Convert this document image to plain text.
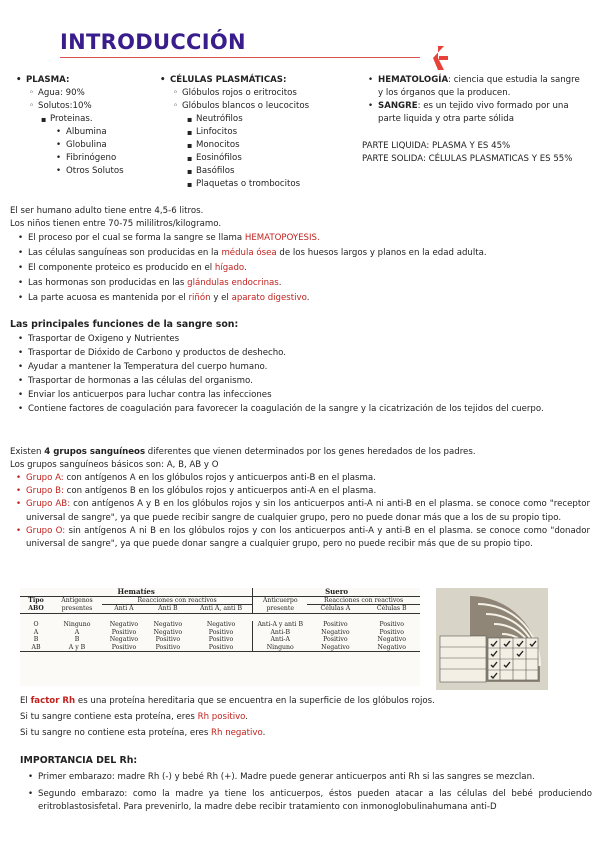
INTRODUCCIÓN
• PLASMA:
◦ Agua: 90%
◦ Solutos:10%
▪ Proteinas.
• Albumina
• Globulina
• Fibrinógeno
• Otros Solutos
• CÉLULAS PLASMÁTICAS:
◦ Glóbulos rojos o eritrocitos
◦ Glóbulos blancos o leucocitos
▪ Neutrófilos
▪ Linfocitos
▪ Monocitos
▪ Eosinófilos
▪ Basófilos
▪ Plaquetas o trombocitos
• HEMATOLOGÍA: ciencia que estudia la sangre y los órganos que la producen.
• SANGRE: es un tejido vivo formado por una parte liquida y otra parte sólida
PARTE LIQUIDA: PLASMA Y ES 45%
PARTE SOLIDA: CÉLULAS PLASMATICAS Y ES 55%
El ser humano adulto tiene entre 4,5-6 litros.
Los niños tienen entre 70-75 mililitros/kilogramo.
• El proceso por el cual se forma la sangre se llama HEMATOPOYESIS.
• Las células sanguíneas son producidas en la médula ósea de los huesos largos y planos en la edad adulta.
• El componente proteico es producido en el hígado.
• Las hormonas son producidas en las glándulas endocrinas.
• La parte acuosa es mantenida por el riñón y el aparato digestivo.
Las principales funciones de la sangre son:
• Trasportar de Oxigeno y Nutrientes
• Trasportar de Dióxido de Carbono y productos de deshecho.
• Ayudar a mantener la Temperatura del cuerpo humano.
• Trasportar de hormonas a las células del organismo.
• Enviar los anticuerpos para luchar contra las infecciones
• Contiene factores de coagulación para favorecer la coagulación de la sangre y la cicatrización de los tejidos del cuerpo.
Existen 4 grupos sanguíneos diferentes que vienen determinados por los genes heredados de los padres.
Los grupos sanguíneos básicos son: A, B, AB y O
• Grupo A: con antígenos A en los glóbulos rojos y anticuerpos anti-B en el plasma.
• Grupo B: con antígenos B en los glóbulos rojos y anticuerpos anti-A en el plasma.
• Grupo AB: con antígenos A y B en los glóbulos rojos y sin los anticuerpos anti-A ni anti-B en el plasma. se conoce como "receptor universal de sangre", ya que puede recibir sangre de cualquier grupo, pero no puede donar más que a los de su propio tipo.
• Grupo O: sin antígenos A ni B en los glóbulos rojos y con los anticuerpos anti-A y anti-B en el plasma. se conoce como "donador universal de sangre", ya que puede donar sangre a cualquier grupo, pero no puede recibir más que de su propio tipo.
Hematíes					Suero		
Tipo ABO	Antígenos presentes	Reacciones con reactivos			Anticuerpo presente	Reacciones con reactivos	
		Anti A	Anti B	Anti A, anti B		Células A	Células B

O	Ninguno	Negativo	Negativo	Negativo	Anti-A y anti B	Positivo	Positivo
A	A	Positivo	Negativo	Positivo	Anti-B	Negativo	Positivo
B	B	Negativo	Positivo	Positivo	Anti-A	Positivo	Negativo
AB	A y B	Positivo	Positivo	Positivo	Ninguno	Negativo	Negativo
El factor Rh es una proteína hereditaria que se encuentra en la superficie de los glóbulos rojos.
Si tu sangre contiene esta proteína, eres Rh positivo.
Si tu sangre no contiene esta proteína, eres Rh negativo.
IMPORTANCIA DEL Rh:
• Primer embarazo: madre Rh (-) y bebé Rh (+). Madre puede generar anticuerpos anti Rh si las sangres se mezclan.
• Segundo embarazo: como la madre ya tiene los anticuerpos, éstos pueden atacar a las células del bebé produciendo eritroblastosisfetal. Para prevenirlo, la madre debe recibir tratamiento con inmonoglobulinahumana anti-D
